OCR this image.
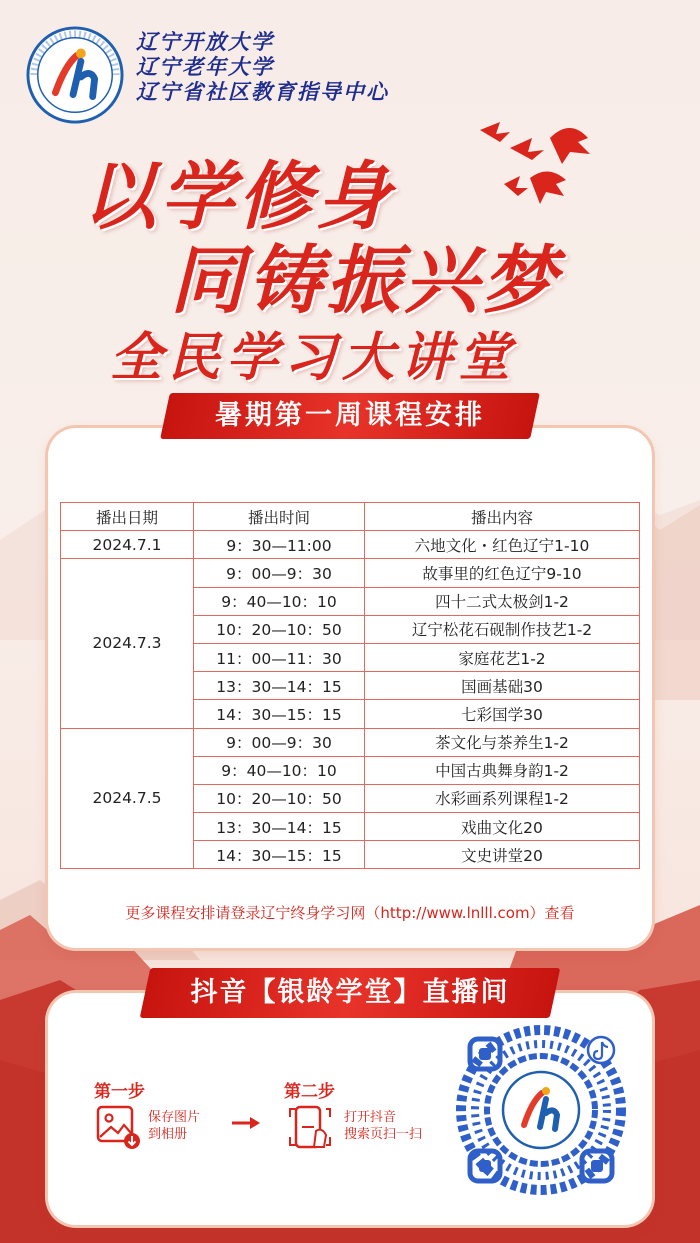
辽宁开放大学
辽宁老年大学
辽宁省社区教育指导中心
以学修身
同铸振兴梦
全民学习大讲堂
播出日期	播出时间	播出内容
2024.7.1	9：30—11:00	六地文化・红色辽宁1-10
2024.7.3	9：00—9：30	故事里的红色辽宁9-10
	9：40—10：10	四十二式太极剑1-2
	10：20—10：50	辽宁松花石砚制作技艺1-2
	11：00—11：30	家庭花艺1-2
	13：30—14：15	国画基础30
	14：30—15：15	七彩国学30
2024.7.5	9：00—9：30	茶文化与茶养生1-2
	9：40—10：10	中国古典舞身韵1-2
	10：20—10：50	水彩画系列课程1-2
	13：30—14：15	戏曲文化20
	14：30—15：15	文史讲堂20
更多课程安排请登录辽宁终身学习网（http://www.lnlll.com）查看
暑期第一周课程安排
第一步
保存图片
到相册
第二步
打开抖音
搜索页扫一扫
抖音【银龄学堂】直播间
